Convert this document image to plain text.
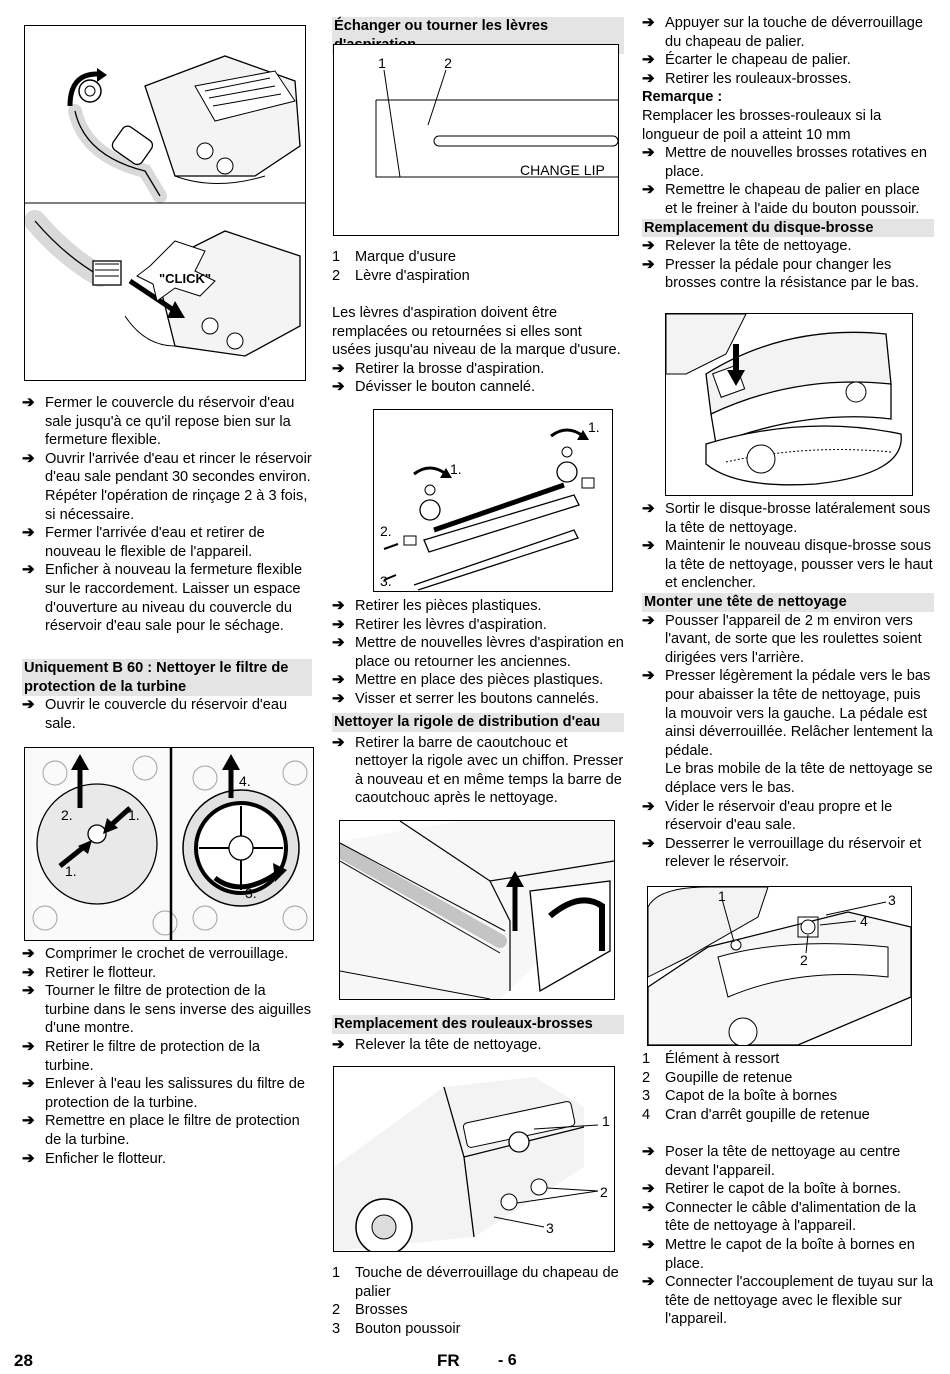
"CLICK"
➔ Fermer le couvercle du réservoir d'eau sale jusqu'à ce qu'il repose bien sur la fermeture flexible.
➔ Ouvrir l'arrivée d'eau et rincer le réservoir d'eau sale pendant 30 secondes environ.
Répéter l'opération de rinçage 2 à 3 fois, si nécessaire.
➔ Fermer l'arrivée d'eau et retirer de nouveau le flexible de l'appareil.
➔ Enficher à nouveau la fermeture flexible sur le raccordement. Laisser un espace d'ouverture au niveau du couvercle du réservoir d'eau sale pour le séchage.

Uniquement B 60 : Nettoyer le filtre de protection de la turbine

➔ Ouvrir le couvercle du réservoir d'eau sale.
2.	1.
1.
4.
3.
➔ Comprimer le crochet de verrouillage.
➔ Retirer le flotteur.
➔ Tourner le filtre de protection de la turbine dans le sens inverse des aiguilles d'une montre.
➔ Retirer le filtre de protection de la turbine.
➔ Enlever à l'eau les salissures du filtre de protection de la turbine.
➔ Remettre en place le filtre de protection de la turbine.
➔ Enficher le flotteur.

Échanger ou tourner les lèvres

1	2
CHANGE LIP
1	Marque d'usure
2	Lèvre d'aspiration

Les lèvres d'aspiration doivent être remplacées ou retournées si elles sont usées jusqu'au niveau de la marque d'usure.

➔ Retirer la brosse d'aspiration.
➔ Dévisser le bouton cannelé.
1.
1.
2.
3.
➔ Retirer les pièces plastiques.
➔ Retirer les lèvres d'aspiration.
➔ Mettre de nouvelles lèvres d'aspiration en place ou retourner les anciennes.
➔ Mettre en place des pièces plastiques.
➔ Visser et serrer les boutons cannelés.

Nettoyer la rigole de distribution d'eau

➔ Retirer la barre de caoutchouc et nettoyer la rigole avec un chiffon. Presser à nouveau et en même temps la barre de caoutchouc après le nettoyage.

Remplacement des rouleaux-brosses

➔ Relever la tête de nettoyage.
1
2
3
1	Touche de déverrouillage du chapeau de palier
2	Brosses
3	Bouton poussoir
➔ Appuyer sur la touche de déverrouillage du chapeau de palier.
➔ Écarter le chapeau de palier.
➔ Retirer les rouleaux-brosses.

Remarque :

Remplacer les brosses-rouleaux si la longueur de poil a atteint 10 mm

➔ Mettre de nouvelles brosses rotatives en place.
➔ Remettre le chapeau de palier en place et le freiner à l'aide du bouton poussoir.

Remplacement du disque-brosse

➔ Relever la tête de nettoyage.
➔ Presser la pédale pour changer les brosses contre la résistance par le bas.
➔ Sortir le disque-brosse latéralement sous la tête de nettoyage.
➔ Maintenir le nouveau disque-brosse sous la tête de nettoyage, pousser vers le haut et enclencher.

Monter une tête de nettoyage

➔ Pousser l'appareil de 2 m environ vers l'avant, de sorte que les roulettes soient dirigées vers l'arrière.
➔ Presser légèrement la pédale vers le bas pour abaisser la tête de nettoyage, puis la mouvoir vers la gauche. La pédale est ainsi déverrouillée. Relâcher lentement la pédale.
Le bras mobile de la tête de nettoyage se déplace vers le bas.
➔ Vider le réservoir d'eau propre et le réservoir d'eau sale.
➔ Desserrer le verrouillage du réservoir et relever le réservoir.
1	3
4
2
1	Élément à ressort
2	Goupille de retenue
3	Capot de la boîte à bornes
4	Cran d'arrêt goupille de retenue
➔ Poser la tête de nettoyage au centre devant l'appareil.
➔ Retirer le capot de la boîte à bornes.
➔ Connecter le câble d'alimentation de la tête de nettoyage à l'appareil.
➔ Mettre le capot de la boîte à bornes en place.
➔ Connecter l'accouplement de tuyau sur la tête de nettoyage avec le flexible sur l'appareil.
28	FR - 6
